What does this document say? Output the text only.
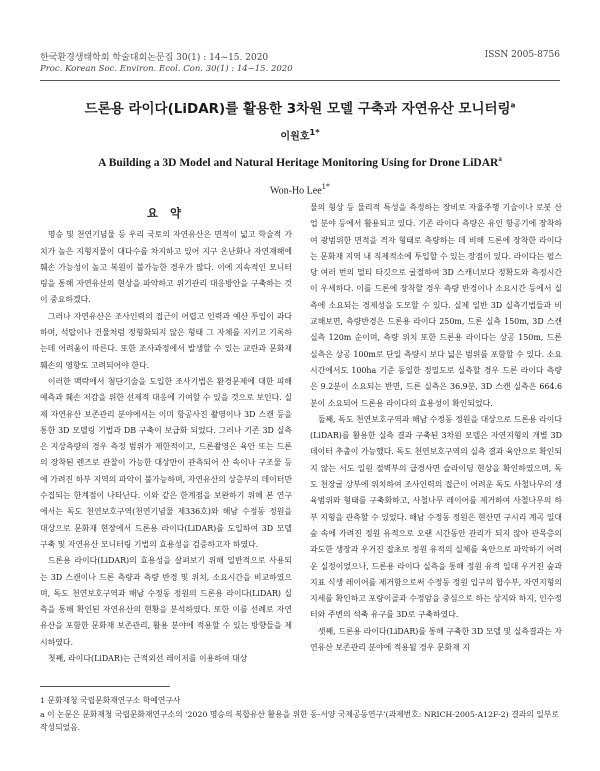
한국환경생태학회 학술대회논문집 30(1) : 14~15. 2020	ISSN 2005-8756
Proc. Korean Soc. Environ. Ecol. Con. 30(1) : 14~15. 2020
드론용 라이다(LiDAR)를 활용한 3차원 모델 구축과 자연유산 모니터링$^a$
이원호$^{1*}$
A Building a 3D Model and Natural Heritage Monitoring Using for Drone LiDAR$^a$
Won-Ho Lee$^{1*}$
요 약

명승 및 천연기념물 등 우리 국토의 자연유산은 면적이 넓고 학술적 가치가 높은 지형지물이 대다수를 차지하고 있어 지구 온난화나 자연재해에 훼손 가능성이 높고 복원이 불가능한 경우가 많다. 이에 지속적인 모니터링을 통해 자연유산의 현상을 파악하고 위기관리 대응방안을 구축하는 것이 중요하겠다.

그러나 자연유산은 조사인력의 접근이 어렵고 인력과 예산 투입이 과다하며, 석탑이나 건물처럼 정형화되지 않은 형태 그 자체를 지키고 기록하는데 어려움이 따른다. 또한 조사과정에서 발생할 수 있는 교란과 문화재 훼손의 영향도 고려되어야 한다.

이러한 맥락에서 첨단기술을 도입한 조사기법은 환경문제에 대한 피해예측과 훼손 저감을 위한 선제적 대응에 기여할 수 있을 것으로 보인다. 실제 자연유산 보존관리 분야에서는 이미 항공사진 촬영이나 3D 스캔 등을 통한 3D 모델링 기법과 DB 구축이 보급화 되었다. 그러나 기존 3D 실측은 지상측량의 경우 측정 범위가 제한적이고, 드론촬영은 육안 또는 드론의 장착된 렌즈로 관찰이 가능한 대상만이 관측되어 산 속이나 구조물 등에 가려진 하부 지역의 파악이 불가능하며, 자연유산의 상층부의 데이터만 수집되는 한계점이 나타난다. 이와 같은 한계점을 보완하기 위해 본 연구에서는 독도 천연보호구역(천연기념물 제336호)와 해남 수정동 정원을 대상으로 문화재 현장에서 드론용 라이다(LiDAR)를 도입하여 3D 모델 구축 및 자연유산 모니터링 기법의 효용성을 검증하고자 하였다.

드론용 라이다(LiDAR)의 효용성을 살펴보기 위해 일반적으로 사용되는 3D 스캔이나 드론 측량과 측량 반경 및 위치, 소요시간을 비교하였으며, 독도 천연보호구역과 해남 수정동 정원의 드론용 라이다(LiDAR) 실측을 통해 확인된 자연유산의 현황을 분석하였다. 또한 이를 선례로 자연유산을 포함한 문화재 보존관리, 활용 분야에 적용할 수 있는 방향들을 제시하였다.

첫째, 라이다(LiDAR)는 근적외선 레이저를 이용하여 대상

물의 형상 등 물리적 특성을 측정하는 장비로 자율주행 기술이나 로봇 산업 분야 등에서 활용되고 있다. 기존 라이다 측량은 유인 항공기에 장착하여 광범위한 면적을 격자 형태로 측량하는 데 비해 드론에 장착한 라이다는 문화재 지역 내 직제적소에 투입할 수 있는 장점이 있다. 라이다는 펄스 당 여러 번의 멀티 타깃으로 굴절하여 3D 스캐너보다 정확도와 측정시간이 우세하다. 이를 드론에 장착할 경우 측량 반경이나 소요시간 등에서 실측에 소요되는 경제성을 도모할 수 있다. 실제 일반 3D 실측기법들과 비교해보면, 측량반경은 드론용 라이다 250m, 드론 실측 150m, 3D 스캔 실측 120m 순이며, 측량 위치 또한 드론용 라이다는 상공 150m, 드론 실측은 상공 100m로 단일 측량시 보다 넓은 범위를 포함할 수 있다. 소요시간에서도 100ha 기준 동일한 정밀도로 실측할 경우 드론 라이다 측량은 9.2분이 소요되는 반면, 드론 실측은 36.9분, 3D 스캔 실측은 664.6분이 소요되어 드론용 라이다의 효용성이 확인되었다.

둘째, 독도 천연보호구역과 해남 수정동 정원을 대상으로 드론용 라이다(LiDAR)를 활용한 실측 결과 구축된 3차원 모델은 자연지형의 개별 3D 데이터 추출이 가능했다. 독도 천연보호구역의 실측 결과 육안으로 확인되지 않는 서도 일원 절벽부의 급경사면 슬라이딩 현상을 확인하였으며, 독도 천장굴 상부에 위치하여 조사인력의 접근이 어려운 독도 사철나무의 생육범위와 형태를 구축화하고, 사철나무 레이어를 제거하여 사철나무의 하부 지형을 관측할 수 있었다. 해남 수정동 정원은 현산면 구시리 계곡 일대 숲 속에 가려진 정원 유적으로 오랜 시간동안 관리가 되지 않아 관목층의 과도한 생장과 우거진 잡초로 정원 유적의 실체를 육안으로 파악하기 어려운 실정이었으나, 드론용 라이다 실측을 통해 정원 유적 일대 우거진 숲과 지표 식생 레이어를 제거함으로써 수정동 정원 입구의 합수부, 자연지형의 지세를 확인하고 포량이골과 수정암을 중심으로 하는 상지와 하지, 인수정 터와 주변의 석축 유구를 3D로 구축하였다.

셋째, 드론용 라이다(LiDAR)를 통해 구축한 3D 모델 및 실측결과는 자연유산 보존관리 분야에 적용될 경우 문화재 지

1 문화재청 국립문화재연구소 학예연구사
a 이 논문은 문화재청 국립문화재연구소의 ‘2020 명승의 복합유산 활용을 위한 동-서양 국제공동연구’(과제번호: NRICH-2005-A12F-2) 결과의 일부로 작성되었음.
